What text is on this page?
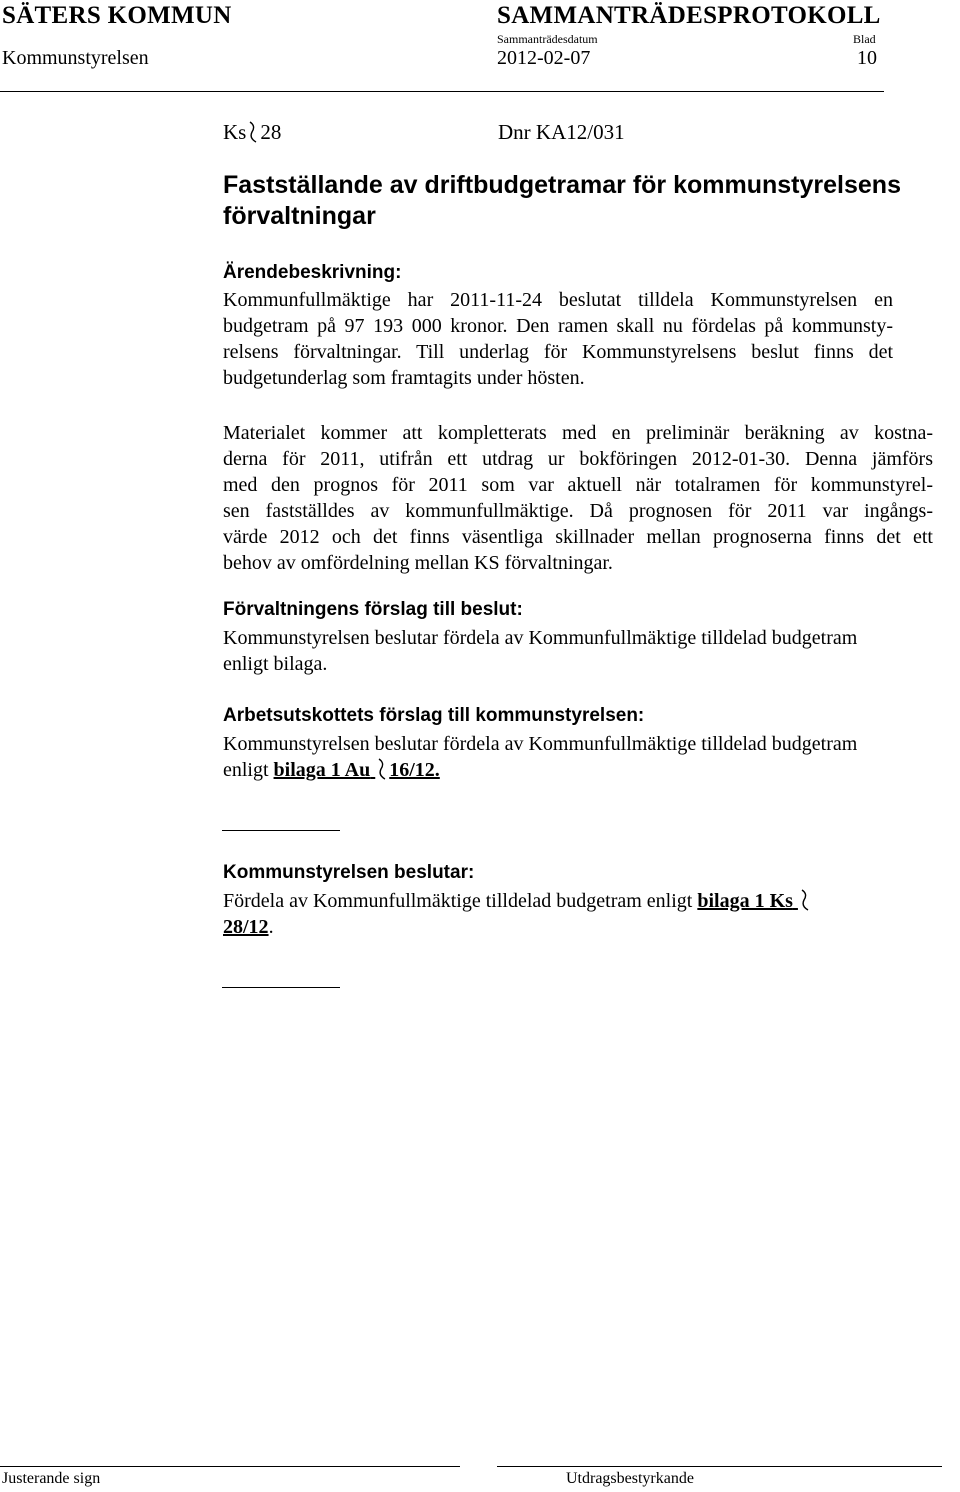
SÄTERS KOMMUN	SAMMANTRÄDESPROTOKOLL
Sammanträdesdatum	Blad
Kommunstyrelsen	2012-02-07	10
Ks 28	Dnr KA12/031
Fastställande av driftbudgetramar för kommunstyrelsens förvaltningar
Ärendebeskrivning:
Kommunfullmäktige har 2011-11-24 beslutat tilldela Kommunstyrelsen en
budgetram på 97 193 000 kronor. Den ramen skall nu fördelas på kommunsty-
relsens förvaltningar. Till underlag för Kommunstyrelsens beslut finns det
budgetunderlag som framtagits under hösten.
Materialet kommer att kompletterats med en preliminär beräkning av kostna-
derna för 2011, utifrån ett utdrag ur bokföringen 2012-01-30. Denna jämförs
med den prognos för 2011 som var aktuell när totalramen för kommunstyrel-
sen fastställdes av kommunfullmäktige. Då prognosen för 2011 var ingångs-
värde 2012 och det finns väsentliga skillnader mellan prognoserna finns det ett
behov av omfördelning mellan KS förvaltningar.
Förvaltningens förslag till beslut:
Kommunstyrelsen beslutar fördela av Kommunfullmäktige tilldelad budgetram
enligt bilaga.
Arbetsutskottets förslag till kommunstyrelsen:
Kommunstyrelsen beslutar fördela av Kommunfullmäktige tilldelad budgetram
enligt bilaga 1 Au 16/12.
Kommunstyrelsen beslutar:
Fördela av Kommunfullmäktige tilldelad budgetram enligt bilaga 1 Ks
28/12.
Justerande sign	Utdragsbestyrkande
